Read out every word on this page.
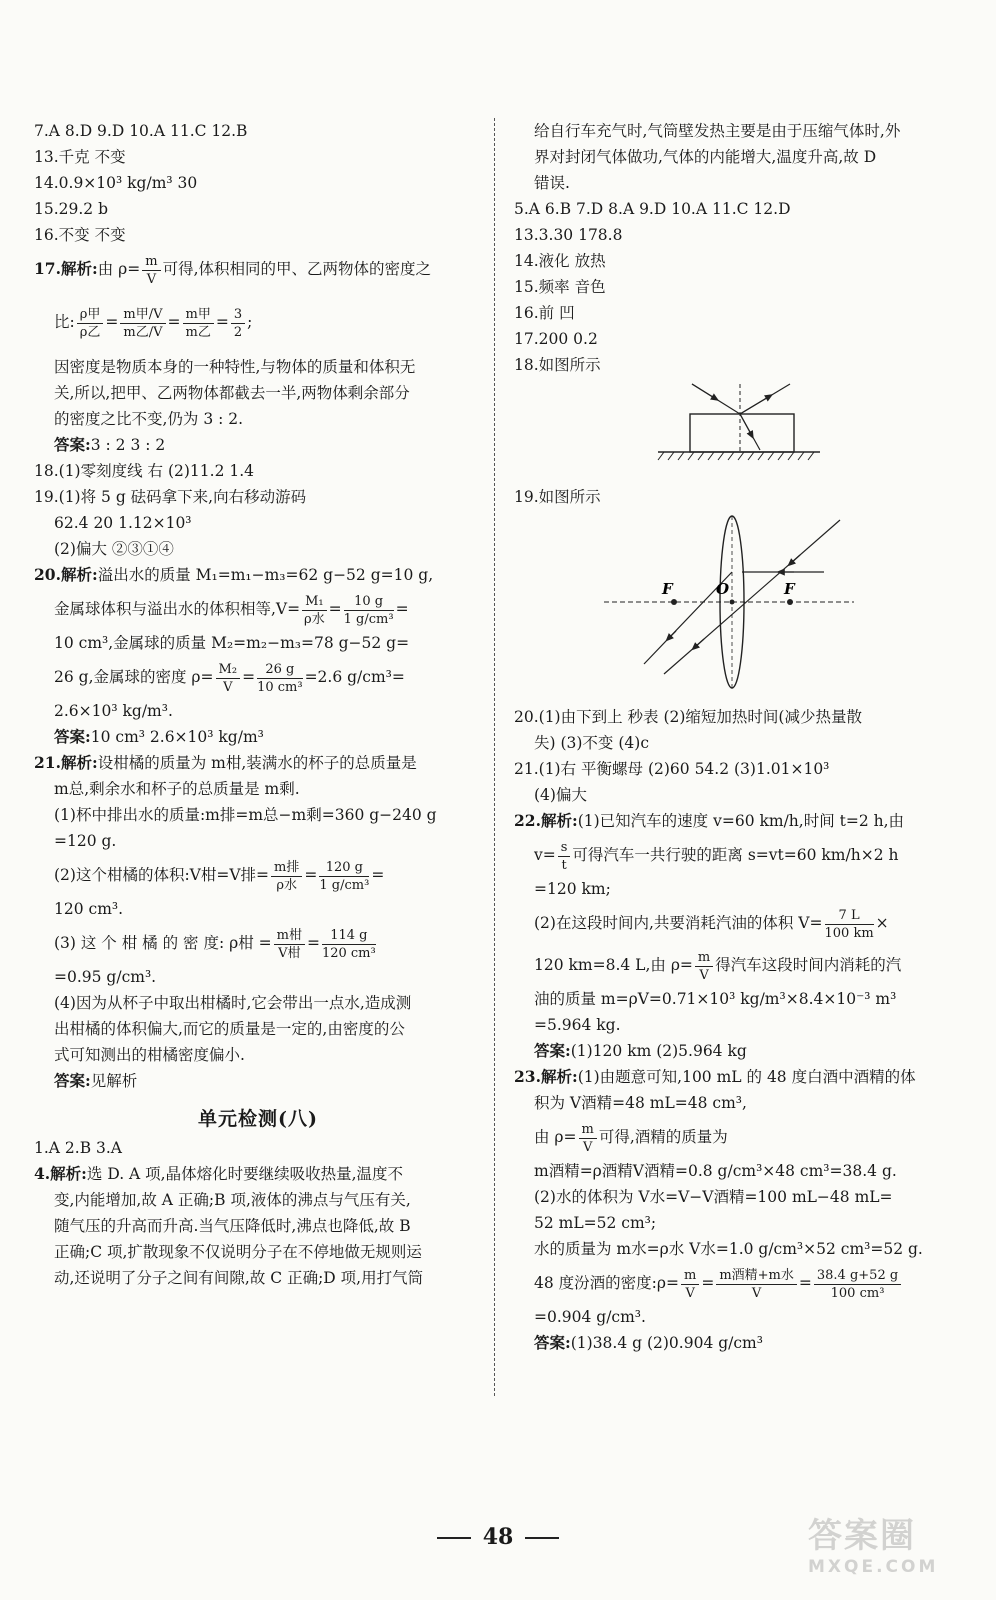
7.A 8.D 9.D 10.A 11.C 12.B
13.千克 不变
14.0.9×10³ kg/m³ 30
15.29.2 b
16.不变 不变
17.解析:由 $\rho= \frac{m}{V}$ 可得,体积相同的甲、乙两物体的密度之
比: $\frac{\text{ρ甲}}{\text{ρ乙}} = \frac{\text{m甲/V}}{\text{m乙/V}} = \frac{\text{m甲}}{\text{m乙}} = \frac{3}{2}$ ;
因密度是物质本身的一种特性,与物体的质量和体积无
关,所以,把甲、乙两物体都截去一半,两物体剩余部分
的密度之比不变,仍为 3 : 2.
答案:3 : 2 3 : 2
18.(1)零刻度线 右 (2)11.2 1.4
19.(1)将 5 g 砝码拿下来,向右移动游码
62.4 20 1.12×10³
(2)偏大 ②③①④
20.解析:溢出水的质量 M₁=m₁−m₃=62 g−52 g=10 g,
金属球体积与溢出水的体积相等$,V= \frac{\text{M₁}}{\text{ρ水}} = \frac{10 g}{\text{1 g/cm³}}$ =
10 cm³,金属球的质量 M₂=m₂−m₃=78 g−52 g=
26 g,金属球的密度 $\rho= \frac{\text{M₂}}{V} = \frac{26 g}{\text{10 cm³}} =2.6$ g/cm³=
2.6×10³ kg/m³.
答案:10 cm³ 2.6×10³ kg/m³
21.解析:设柑橘的质量为 m柑,装满水的杯子的总质量是
m总,剩余水和杯子的总质量是 m剩.
(1)杯中排出水的质量:m排=m总−m剩=360 g−240 g
=120 g.
(2)这个柑橘的体积:V柑=V排= $\frac{\text{m排}}{\text{ρ水}} = \frac{120 g}{\text{1 g/cm³}}$ =
120 cm³.
(3) 这 个 柑 橘 的 密 度: ρ柑 = $\frac{\text{m柑}}{\text{V柑}} = \frac{114 g}{\text{120 cm³}}$
=0.95 g/cm³.
(4)因为从杯子中取出柑橘时,它会带出一点水,造成测
出柑橘的体积偏大,而它的质量是一定的,由密度的公
式可知测出的柑橘密度偏小.
答案:见解析
单元检测(八)
1.A 2.B 3.A
4.解析:选 D. A 项,晶体熔化时要继续吸收热量,温度不
变,内能增加,故 A 正确;B 项,液体的沸点与气压有关,
随气压的升高而升高.当气压降低时,沸点也降低,故 B
正确;C 项,扩散现象不仅说明分子在不停地做无规则运
动,还说明了分子之间有间隙,故 C 正确;D 项,用打气筒
给自行车充气时,气筒壁发热主要是由于压缩气体时,外
界对封闭气体做功,气体的内能增大,温度升高,故 D
错误.
5.A 6.B 7.D 8.A 9.D 10.A 11.C 12.D
13.3.30 178.8
14.液化 放热
15.频率 音色
16.前 凹
17.200 0.2
18.如图所示
19.如图所示
F	O	F
20.(1)由下到上 秒表 (2)缩短加热时间(减少热量散
失) (3)不变 (4)c
21.(1)右 平衡螺母 (2)60 54.2 (3)1.01×10³
(4)偏大
22.解析:(1)已知汽车的速度 v=60 km/h,时间 t=2 h,由
$v= \frac{s}{t}$ 可得汽车一共行驶的距离 s=vt=60 km/h×2 h
=120 km;
(2)在这段时间内,共要消耗汽油的体积 $V= \frac{7 L}{100 km}$ ×
120 km=8.4 L,由 $\rho= \frac{m}{V}$ 得汽车这段时间内消耗的汽
油的质量 m=ρV=0.71×10³ kg/m³×8.4×10⁻³ m³
=5.964 kg.
答案:(1)120 km (2)5.964 kg
23.解析:(1)由题意可知,100 mL 的 48 度白酒中酒精的体
积为 V酒精=48 mL=48 cm³,
由 $\rho= \frac{m}{V}$ 可得,酒精的质量为
m酒精=ρ酒精V酒精=0.8 g/cm³×48 cm³=38.4 g.
(2)水的体积为 V水=V−V酒精=100 mL−48 mL=
52 mL=52 cm³;
水的质量为 m水=ρ水 V水=1.0 g/cm³×52 cm³=52 g.
48 度汾酒的密度:ρ= $\frac{m}{V} = \frac{\text{m酒精+m水}}{V} = \frac{38.4 g+52 g}{\text{100 cm³}}$
=0.904 g/cm³.
答案:(1)38.4 g (2)0.904 g/cm³
48	答案圈
MXQE.COM
